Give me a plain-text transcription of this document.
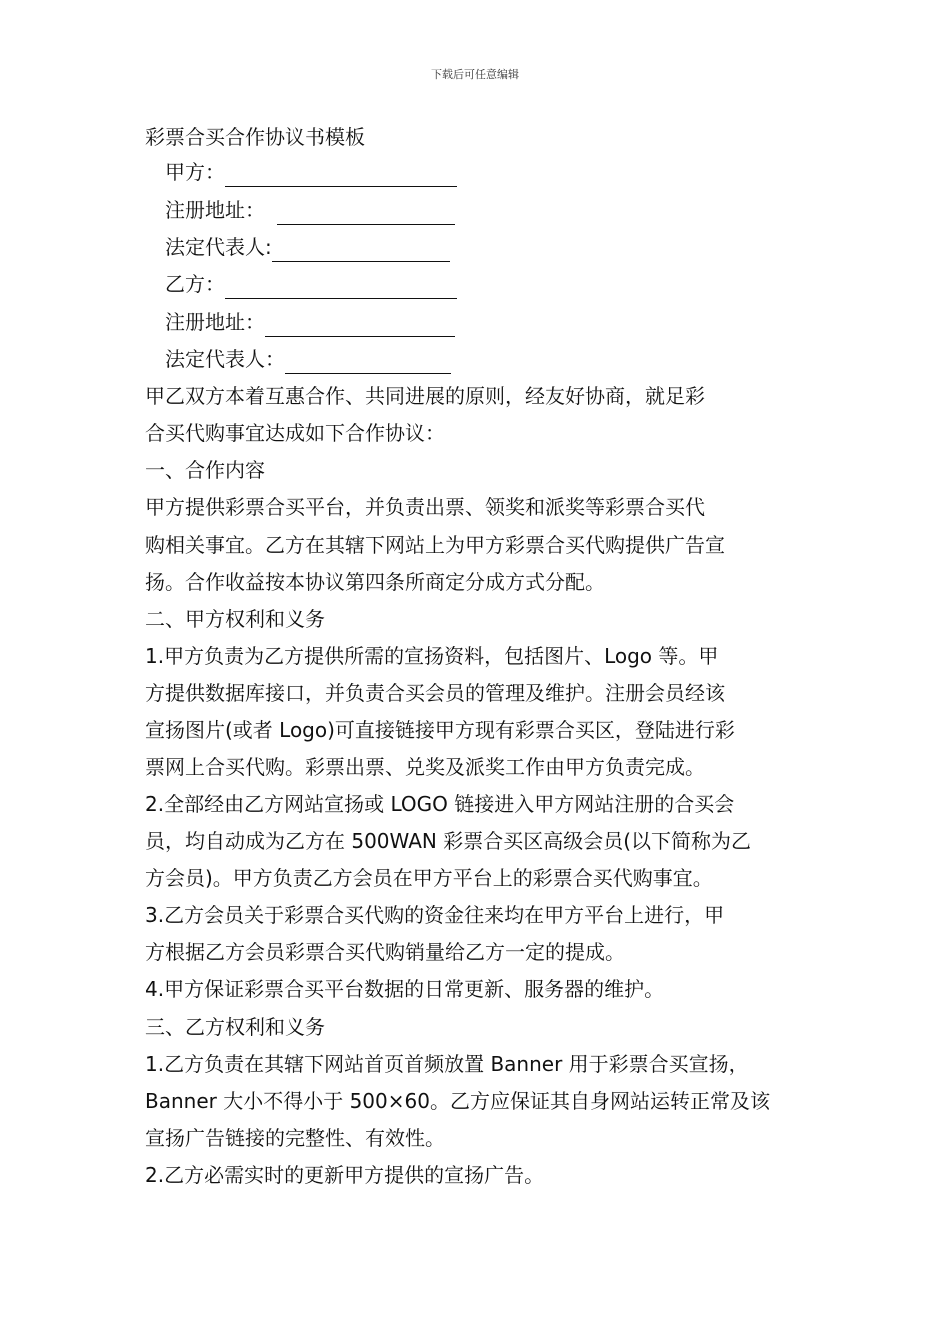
下载后可任意编辑
彩票合买合作协议书模板
甲方：
注册地址：
法定代表人:
乙方：
注册地址：
法定代表人：
甲乙双方本着互惠合作、共同进展的原则，经友好协商，就足彩
合买代购事宜达成如下合作协议：
一、合作内容
甲方提供彩票合买平台，并负责出票、领奖和派奖等彩票合买代
购相关事宜。乙方在其辖下网站上为甲方彩票合买代购提供广告宣
扬。合作收益按本协议第四条所商定分成方式分配。
二、甲方权利和义务
1.甲方负责为乙方提供所需的宣扬资料，包括图片、Logo 等。甲
方提供数据库接口，并负责合买会员的管理及维护。注册会员经该
宣扬图片(或者 Logo)可直接链接甲方现有彩票合买区，登陆进行彩
票网上合买代购。彩票出票、兑奖及派奖工作由甲方负责完成。
2.全部经由乙方网站宣扬或 LOGO 链接进入甲方网站注册的合买会
员，均自动成为乙方在 500WAN 彩票合买区高级会员(以下简称为乙
方会员)。甲方负责乙方会员在甲方平台上的彩票合买代购事宜。
3.乙方会员关于彩票合买代购的资金往来均在甲方平台上进行，甲
方根据乙方会员彩票合买代购销量给乙方一定的提成。
4.甲方保证彩票合买平台数据的日常更新、服务器的维护。
三、乙方权利和义务
1.乙方负责在其辖下网站首页首频放置 Banner 用于彩票合买宣扬，
Banner 大小不得小于 500×60。乙方应保证其自身网站运转正常及该
宣扬广告链接的完整性、有效性。
2.乙方必需实时的更新甲方提供的宣扬广告。
